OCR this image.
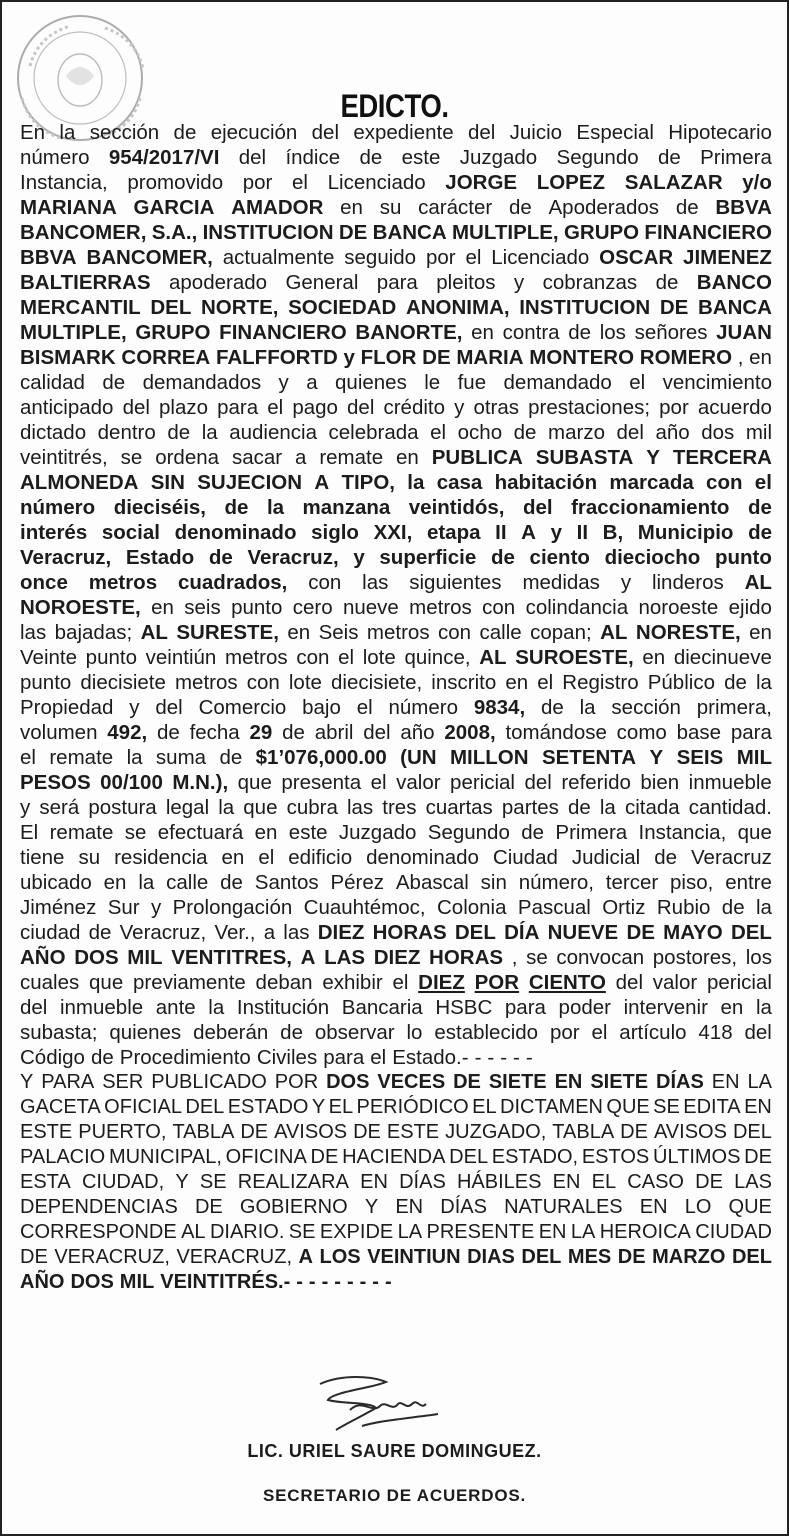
EDICTO.
En la sección de ejecución del expediente del Juicio Especial Hipotecario
número 954/2017/VI del índice de este Juzgado Segundo de Primera
Instancia, promovido por el Licenciado JORGE LOPEZ SALAZAR y/o
MARIANA GARCIA AMADOR en su carácter de Apoderados de BBVA
BANCOMER, S.A., INSTITUCION DE BANCA MULTIPLE, GRUPO FINANCIERO
BBVA BANCOMER, actualmente seguido por el Licenciado OSCAR JIMENEZ
BALTIERRAS apoderado General para pleitos y cobranzas de BANCO
MERCANTIL DEL NORTE, SOCIEDAD ANONIMA, INSTITUCION DE BANCA
MULTIPLE, GRUPO FINANCIERO BANORTE, en contra de los señores JUAN
BISMARK CORREA FALFFORTD y FLOR DE MARIA MONTERO ROMERO , en
calidad de demandados y a quienes le fue demandado el vencimiento
anticipado del plazo para el pago del crédito y otras prestaciones; por acuerdo
dictado dentro de la audiencia celebrada el ocho de marzo del año dos mil
veintitrés, se ordena sacar a remate en PUBLICA SUBASTA Y TERCERA
ALMONEDA SIN SUJECION A TIPO, la casa habitación marcada con el
número dieciséis, de la manzana veintidós, del fraccionamiento de
interés social denominado siglo XXI, etapa II A y II B, Municipio de
Veracruz, Estado de Veracruz, y superficie de ciento dieciocho punto
once metros cuadrados, con las siguientes medidas y linderos AL
NOROESTE, en seis punto cero nueve metros con colindancia noroeste ejido
las bajadas; AL SURESTE, en Seis metros con calle copan; AL NORESTE, en
Veinte punto veintiún metros con el lote quince, AL SUROESTE, en diecinueve
punto diecisiete metros con lote diecisiete, inscrito en el Registro Público de la
Propiedad y del Comercio bajo el número 9834, de la sección primera,
volumen 492, de fecha 29 de abril del año 2008, tomándose como base para
el remate la suma de $1’076,000.00 (UN MILLON SETENTA Y SEIS MIL
PESOS 00/100 M.N.), que presenta el valor pericial del referido bien inmueble
y será postura legal la que cubra las tres cuartas partes de la citada cantidad.
El remate se efectuará en este Juzgado Segundo de Primera Instancia, que
tiene su residencia en el edificio denominado Ciudad Judicial de Veracruz
ubicado en la calle de Santos Pérez Abascal sin número, tercer piso, entre
Jiménez Sur y Prolongación Cuauhtémoc, Colonia Pascual Ortiz Rubio de la
ciudad de Veracruz, Ver., a las DIEZ HORAS DEL DÍA NUEVE DE MAYO DEL
AÑO DOS MIL VENTITRES, A LAS DIEZ HORAS , se convocan postores, los
cuales que previamente deban exhibir el DIEZ POR CIENTO del valor pericial
del inmueble ante la Institución Bancaria HSBC para poder intervenir en la
subasta; quienes deberán de observar lo establecido por el artículo 418 del
Código de Procedimiento Civiles para el Estado.- - - - - -
Y PARA SER PUBLICADO POR DOS VECES DE SIETE EN SIETE DÍAS EN LA
GACETA OFICIAL DEL ESTADO Y EL PERIÓDICO EL DICTAMEN QUE SE EDITA EN
ESTE PUERTO, TABLA DE AVISOS DE ESTE JUZGADO, TABLA DE AVISOS DEL
PALACIO MUNICIPAL, OFICINA DE HACIENDA DEL ESTADO, ESTOS ÚLTIMOS DE
ESTA CIUDAD, Y SE REALIZARA EN DÍAS HÁBILES EN EL CASO DE LAS
DEPENDENCIAS DE GOBIERNO Y EN DÍAS NATURALES EN LO QUE
CORRESPONDE AL DIARIO. SE EXPIDE LA PRESENTE EN LA HEROICA CIUDAD
DE VERACRUZ, VERACRUZ, A LOS VEINTIUN DIAS DEL MES DE MARZO DEL
AÑO DOS MIL VEINTITRÉS.- - - - - - - - -
LIC. URIEL SAURE DOMINGUEZ.
SECRETARIO DE ACUERDOS.
